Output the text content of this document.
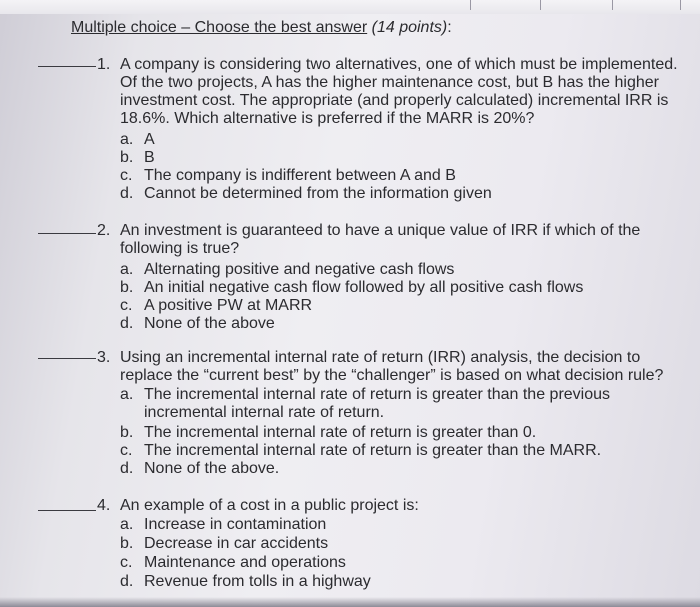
Multiple choice – Choose the best answer (14 points):
1. A company is considering two alternatives, one of which must be implemented.
Of the two projects, A has the higher maintenance cost, but B has the higher
investment cost. The appropriate (and properly calculated) incremental IRR is
18.6%. Which alternative is preferred if the MARR is 20%?
a. A
b. B
c. The company is indifferent between A and B
d. Cannot be determined from the information given
2. An investment is guaranteed to have a unique value of IRR if which of the
following is true?
a. Alternating positive and negative cash flows
b. An initial negative cash flow followed by all positive cash flows
c. A positive PW at MARR
d. None of the above
3. Using an incremental internal rate of return (IRR) analysis, the decision to
replace the “current best” by the “challenger” is based on what decision rule?
a. The incremental internal rate of return is greater than the previous
incremental internal rate of return.
b. The incremental internal rate of return is greater than 0.
c. The incremental internal rate of return is greater than the MARR.
d. None of the above.
4. An example of a cost in a public project is:
a. Increase in contamination
b. Decrease in car accidents
c. Maintenance and operations
d. Revenue from tolls in a highway
